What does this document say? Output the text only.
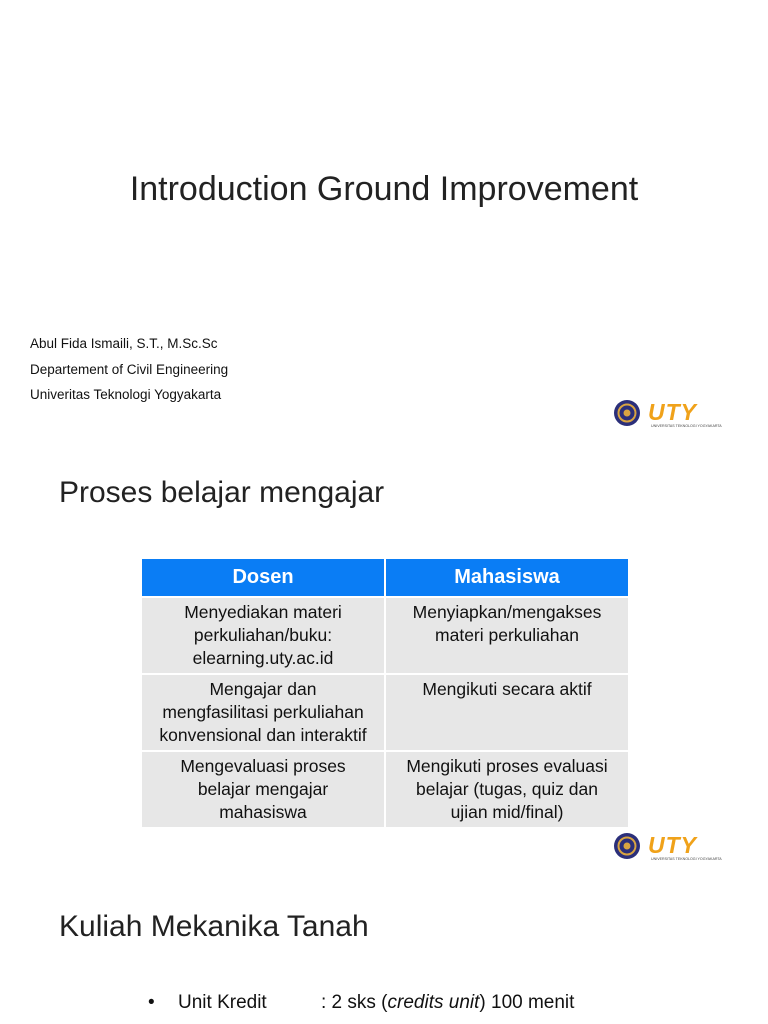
Introduction Ground Improvement
Abul Fida Ismaili, S.T., M.Sc.Sc
Departement of Civil Engineering
Univeritas Teknologi Yogyakarta
UTY
UNIVERSITAS TEKNOLOGI YOGYAKARTA
Proses belajar mengajar
Dosen	Mahasiswa

Menyediakan materi
perkuliahan/buku:
elearning.uty.ac.id	Menyiapkan/mengakses
materi perkuliahan

Mengajar dan
mengfasilitasi perkuliahan
konvensional dan interaktif	Mengikuti secara aktif

Mengevaluasi proses
belajar mengajar
mahasiswa	Mengikuti proses evaluasi
belajar (tugas, quiz dan
ujian mid/final)
UTY
UNIVERSITAS TEKNOLOGI YOGYAKARTA
Kuliah Mekanika Tanah
• Unit Kredit	: 2 sks (credits unit) 100 menit
